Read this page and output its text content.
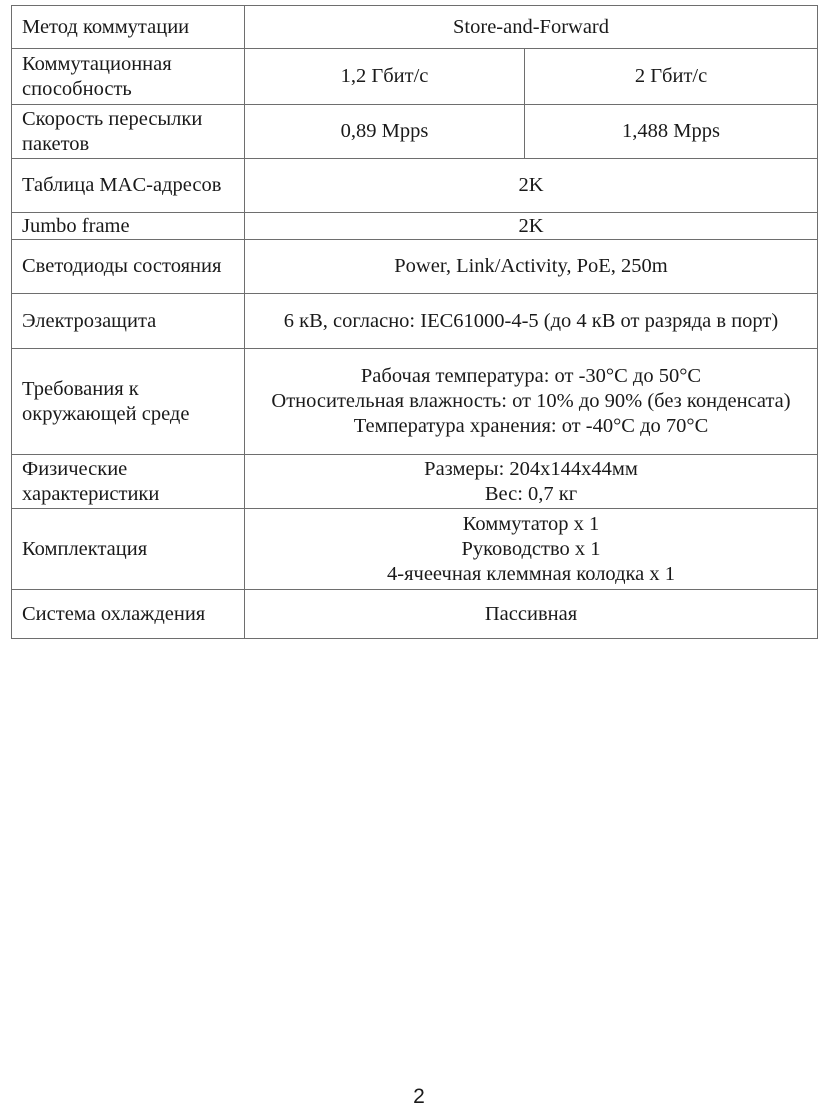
Метод коммутации	Store-and-Forward	
Коммутационная способность	1,2 Гбит/с	2 Гбит/с
Скорость пересылки пакетов	0,89 Mpps	1,488 Mpps
Таблица MAC-адресов	2K	
Jumbo frame	2K	
Светодиоды состояния	Power, Link/Activity, PoE, 250m	
Электрозащита	6 кВ, согласно: IEC61000-4-5 (до 4 кВ от разряда в порт)	
Требования к окружающей среде	Рабочая температура: от -30°C до 50°C
Относительная влажность: от 10% до 90% (без конденсата)
Температура хранения: от -40°C до 70°C	

Физические характеристики	Размеры: 204x144x44мм
Вес: 0,7 кг	

Комплектация	Коммутатор x 1
Руководство x 1
4-ячеечная клеммная колодка x 1	

Система охлаждения	Пассивная	
2
